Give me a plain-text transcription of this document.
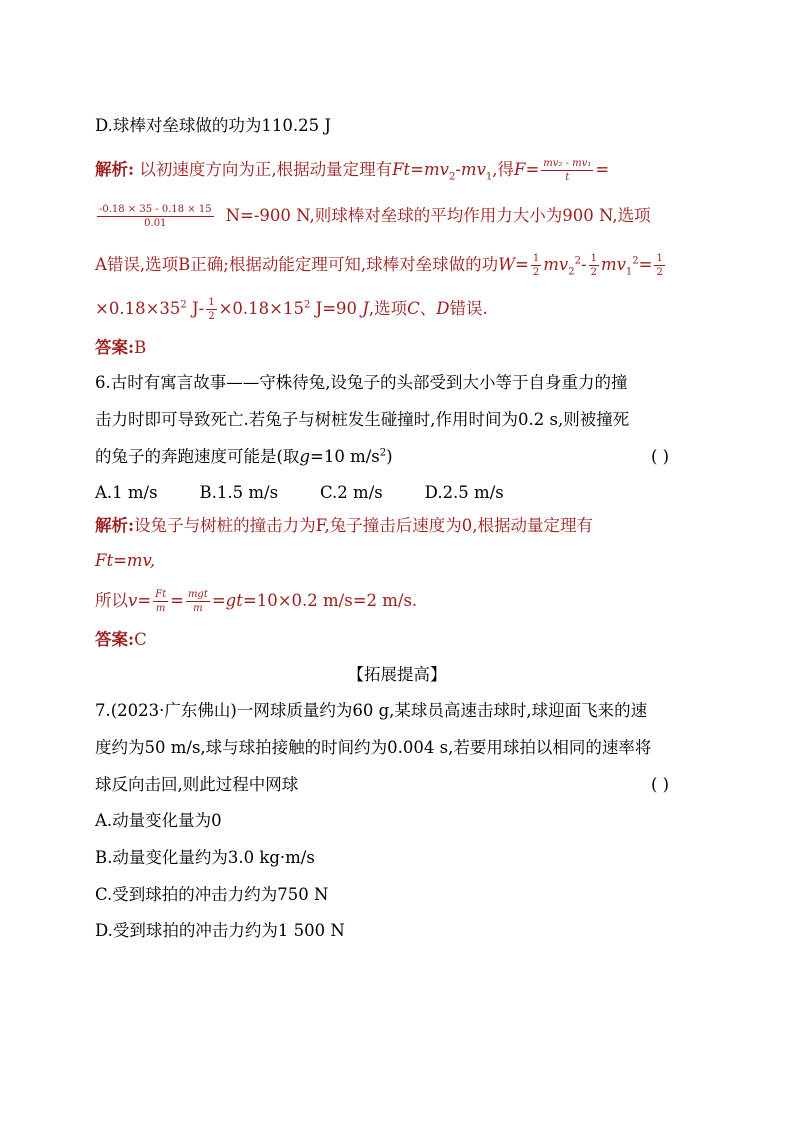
D.球棒对垒球做的功为110.25 J
解析: 以初速度方向为正,根据动量定理有$Ft=mv_2-mv_1$,得$F= \frac{\text{mv₂ - mv₁}}{t}$ =
$\frac{-0.18 \times 35 - 0.18 \times 15}{0.01} N=-900$ N,则球棒对垒球的平均作用力大小为900 N,选项
A错误,选项B正确;根据动能定理可知,球棒对垒球做的功$W= \frac{1}{2} mv_2^2- \frac{1}{2} mv_1^2= \frac{1}{2}$
$\times 0.18\times 35^2$ $J- \frac{1}{2} \times 0.18\times 15^2$ J=90 J,选项C、D错误.
答案:B
6.古时有寓言故事——守株待兔,设兔子的头部受到大小等于自身重力的撞
击力时即可导致死亡.若兔子与树桩发生碰撞时,作用时间为0.2 s,则被撞死
的兔子的奔跑速度可能是(取g=10 $m/s^2$)	( )
A.1 m/s        B.1.5 m/s        C.2 m/s        D.2.5 m/s
解析:设兔子与树桩的撞击力为F,兔子撞击后速度为0,根据动量定理有
Ft=mv,
所以$v= \frac{Ft}{m} = \frac{\text{mgt}}{m} =gt=10\times 0.2$ m/s=2 m/s.
答案:C
【拓展提高】
7.(2023·广东佛山)一网球质量约为60 g,某球员高速击球时,球迎面飞来的速
度约为50 m/s,球与球拍接触的时间约为0.004 s,若要用球拍以相同的速率将
球反向击回,则此过程中网球	( )
A.动量变化量为0
B.动量变化量约为3.0 kg·m/s
C.受到球拍的冲击力约为750 N
D.受到球拍的冲击力约为1 500 N
